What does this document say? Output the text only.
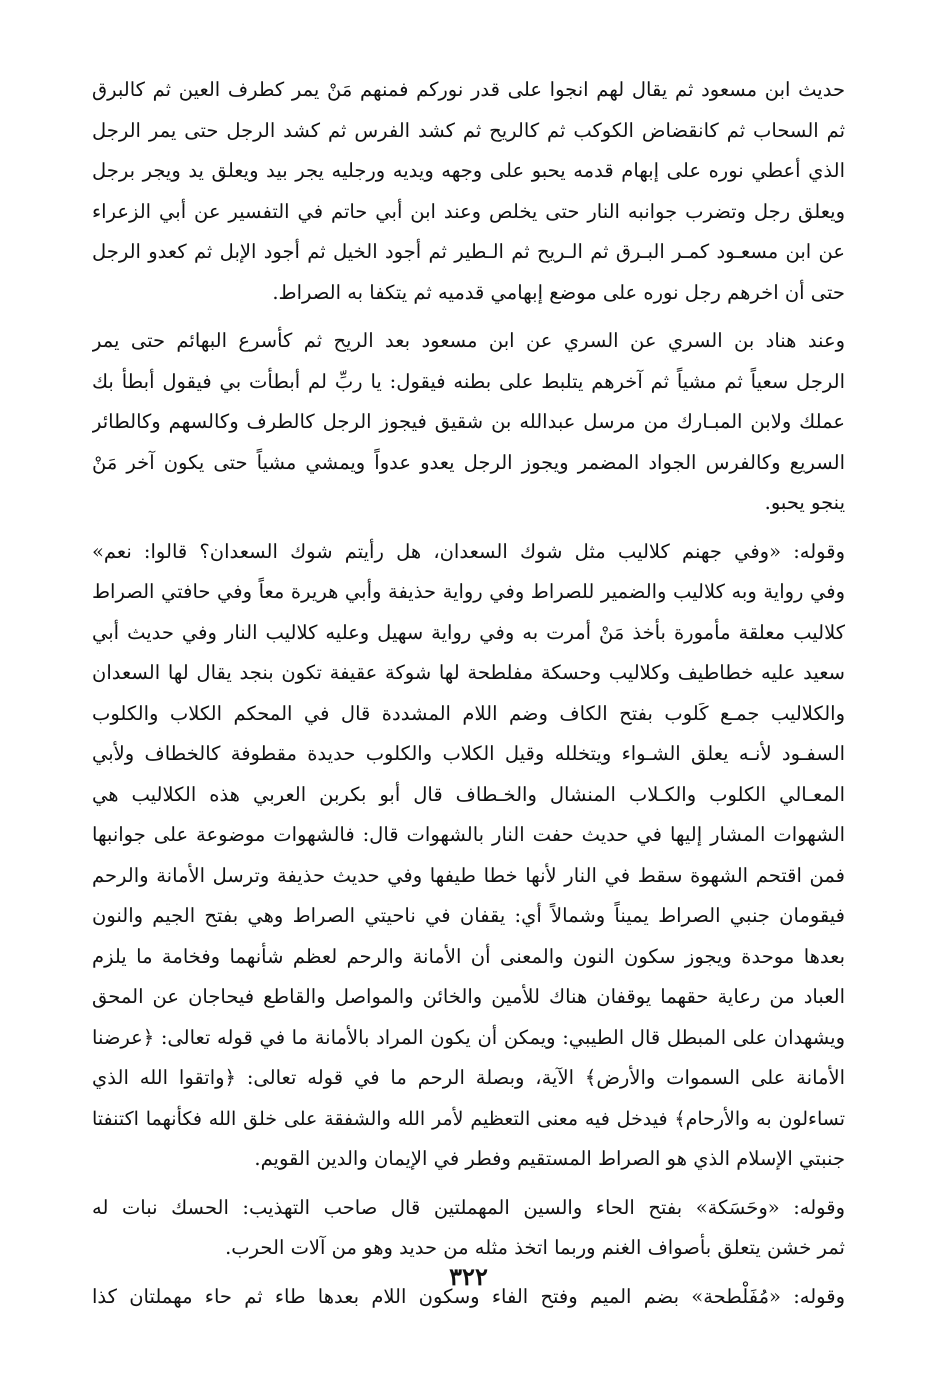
حديث ابن مسعود ثم يقال لهم انجوا على قدر نوركم فمنهم مَنْ يمر كطرف العين ثم كالبرق
ثم السحاب ثم كانقضاض الكوكب ثم كالريح ثم كشد الفرس ثم كشد الرجل حتى يمر الرجل
الذي أعطي نوره على إبهام قدمه يحبو على وجهه ويديه ورجليه يجر بيد ويعلق يد ويجر برجل
ويعلق رجل وتضرب جوانبه النار حتى يخلص وعند ابن أبي حاتم في التفسير عن أبي الزعراء
عن ابن مسعـود كمـر البـرق ثم الـريح ثم الـطير ثم أجود الخيل ثم أجود الإبل ثم كعدو الرجل
حتى أن اخرهم رجل نوره على موضع إبهامي قدميه ثم يتكفا به الصراط.
وعند هناد بن السري عن السري عن ابن مسعود بعد الريح ثم كأسرع البهائم حتى يمر
الرجل سعياً ثم مشياً ثم آخرهم يتلبط على بطنه فيقول: يا ربِّ لم أبطأت بي فيقول أبطأ بك
عملك ولابن المبـارك من مرسل عبدالله بن شقيق فيجوز الرجل كالطرف وكالسهم وكالطائر
السريع وكالفرس الجواد المضمر ويجوز الرجل يعدو عدواً ويمشي مشياً حتى يكون آخر مَنْ
ينجو يحبو.
وقوله: «وفي جهنم كلاليب مثل شوك السعدان، هل رأيتم شوك السعدان؟ قالوا: نعم»
وفي رواية وبه كلاليب والضمير للصراط وفي رواية حذيفة وأبي هريرة معاً وفي حافتي الصراط
كلاليب معلقة مأمورة بأخذ مَنْ أمرت به وفي رواية سهيل وعليه كلاليب النار وفي حديث أبي
سعيد عليه خطاطيف وكلاليب وحسكة مفلطحة لها شوكة عقيفة تكون بنجد يقال لها السعدان
والكلاليب جمـع كَلوب بفتح الكاف وضم اللام المشددة قال في المحكم الكلاب والكلوب
السفـود لأنـه يعلق الشـواء ويتخلله وقيل الكلاب والكلوب حديدة مقطوفة كالخطاف ولأبي
المعـالي الكلوب والكـلاب المنشال والخـطاف قال أبو بكربن العربي هذه الكلاليب هي
الشهوات المشار إليها في حديث حفت النار بالشهوات قال: فالشهوات موضوعة على جوانبها
فمن اقتحم الشهوة سقط في النار لأنها خطا طيفها وفي حديث حذيفة وترسل الأمانة والرحم
فيقومان جنبي الصراط يميناً وشمالاً أي: يقفان في ناحيتي الصراط وهي بفتح الجيم والنون
بعدها موحدة ويجوز سكون النون والمعنى أن الأمانة والرحم لعظم شأنهما وفخامة ما يلزم
العباد من رعاية حقهما يوقفان هناك للأمين والخائن والمواصل والقاطع فيحاجان عن المحق
ويشهدان على المبطل قال الطيبي: ويمكن أن يكون المراد بالأمانة ما في قوله تعالى: ﴿عرضنا
الأمانة على السموات والأرض﴾ الآية، وبصلة الرحم ما في قوله تعالى: ﴿واتقوا الله الذي
تساءلون به والأرحام﴾ فيدخل فيه معنى التعظيم لأمر الله والشفقة على خلق الله فكأنهما اكتنفتا
جنبتي الإسلام الذي هو الصراط المستقيم وفطر في الإيمان والدين القويم.
وقوله: «وحَسَكة» بفتح الحاء والسين المهملتين قال صاحب التهذيب: الحسك نبات له
ثمر خشن يتعلق بأصواف الغنم وربما اتخذ مثله من حديد وهو من آلات الحرب.
وقوله: «مُفَلْطحة» بضم الميم وفتح الفاء وسكون اللام بعدها طاء ثم حاء مهملتان كذا
٣٢٢
